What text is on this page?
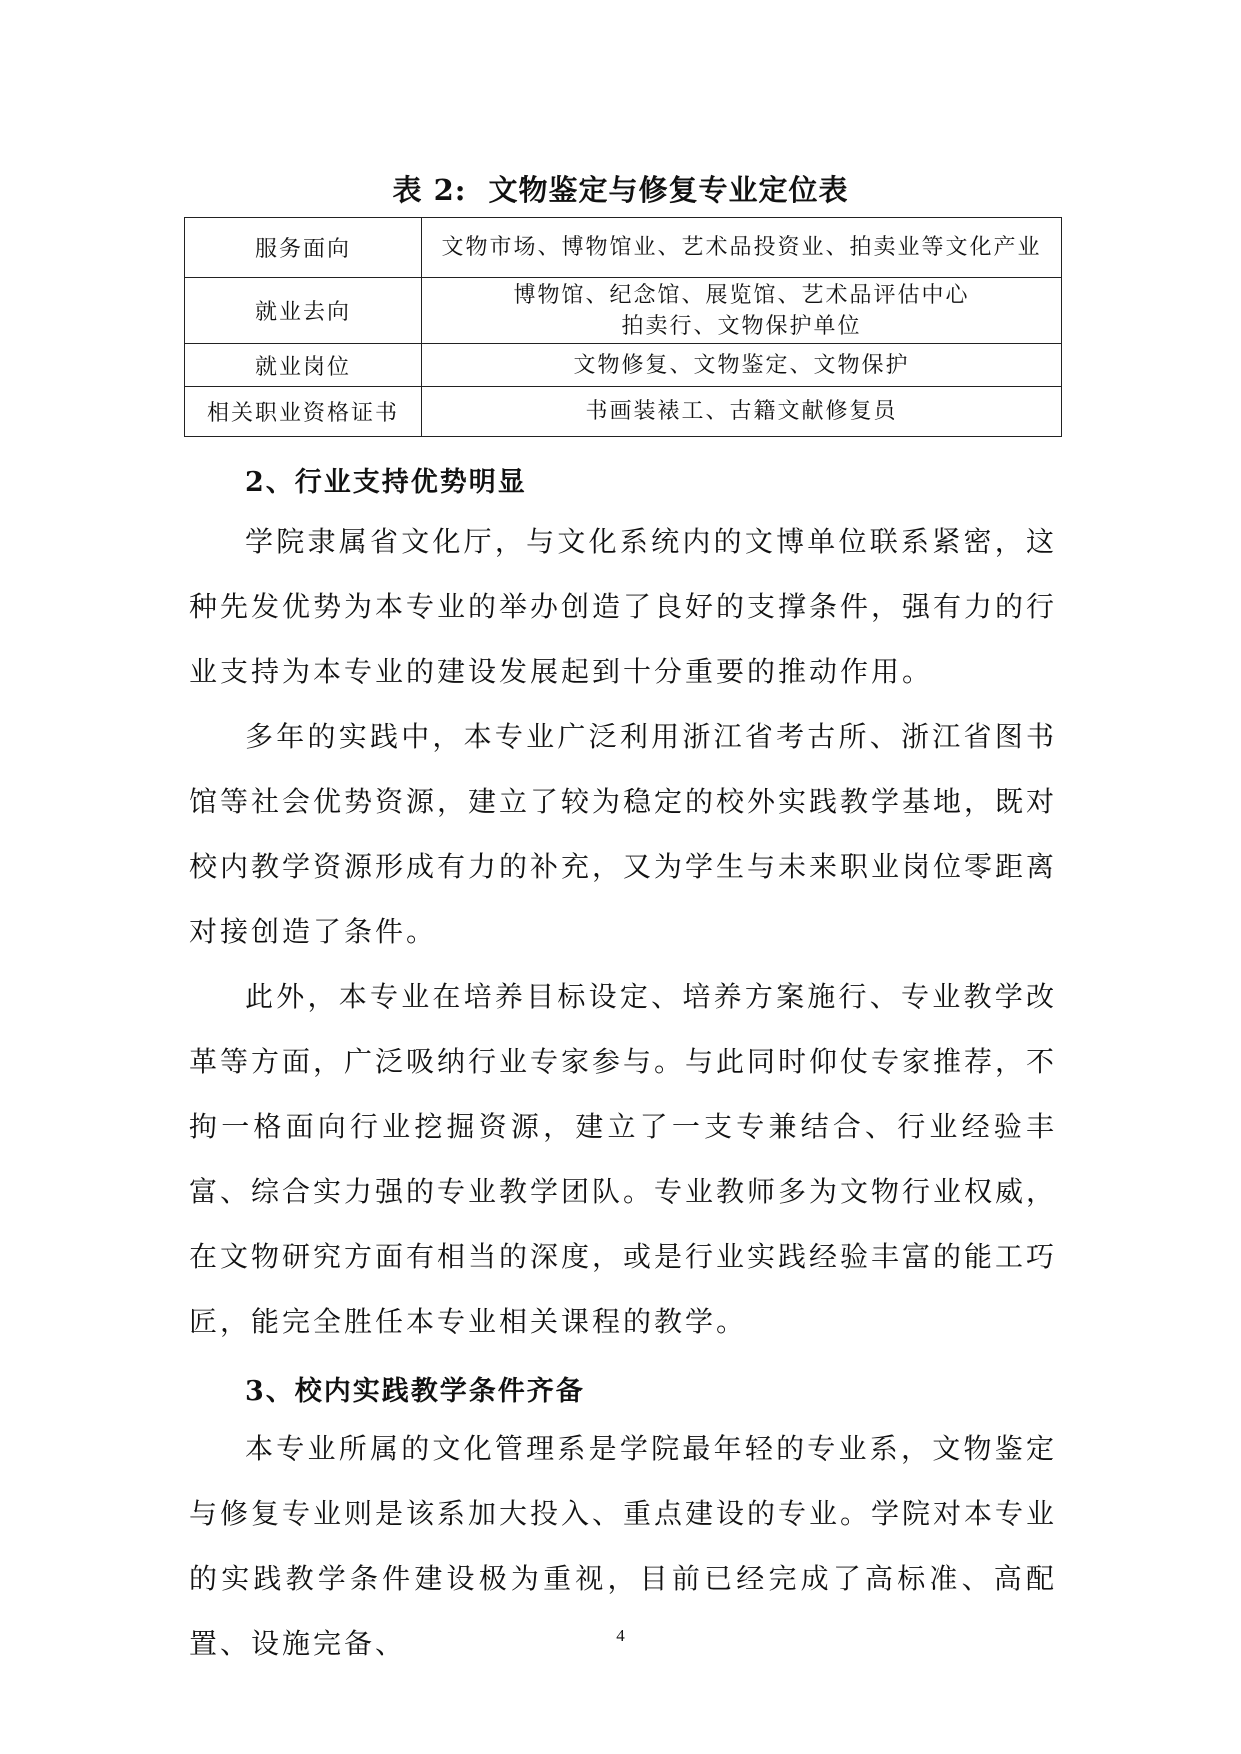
表 2: 文物鉴定与修复专业定位表
服务面向	文物市场、博物馆业、艺术品投资业、拍卖业等文化产业

就业去向	博物馆、纪念馆、展览馆、艺术品评估中心
拍卖行、文物保护单位

就业岗位	文物修复、文物鉴定、文物保护

相关职业资格证书	书画装裱工、古籍文献修复员
2、行业支持优势明显

学院隶属省文化厅，与文化系统内的文博单位联系紧密，这种先发优势为本专业的举办创造了良好的支撑条件，强有力的行业支持为本专业的建设发展起到十分重要的推动作用。

多年的实践中，本专业广泛利用浙江省考古所、浙江省图书馆等社会优势资源，建立了较为稳定的校外实践教学基地，既对校内教学资源形成有力的补充，又为学生与未来职业岗位零距离对接创造了条件。

此外，本专业在培养目标设定、培养方案施行、专业教学改革等方面，广泛吸纳行业专家参与。与此同时仰仗专家推荐，不拘一格面向行业挖掘资源，建立了一支专兼结合、行业经验丰富、综合实力强的专业教学团队。专业教师多为文物行业权威，在文物研究方面有相当的深度，或是行业实践经验丰富的能工巧匠，能完全胜任本专业相关课程的教学。

3、校内实践教学条件齐备

本专业所属的文化管理系是学院最年轻的专业系，文物鉴定与修复专业则是该系加大投入、重点建设的专业。学院对本专业的实践教学条件建设极为重视，目前已经完成了高标准、高配置、设施完备、	4
